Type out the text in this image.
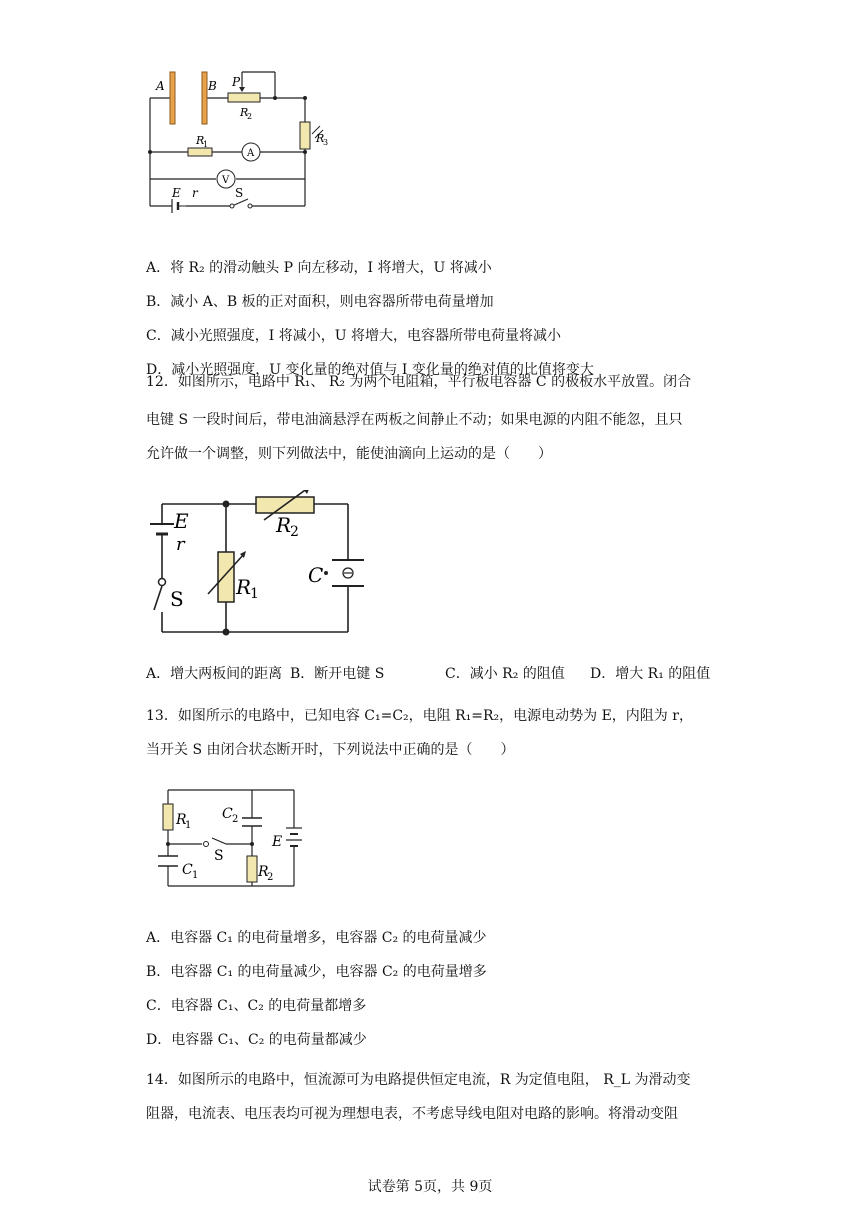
A	B P
R
2
R
1	R
3
A
V
E r	S
A．将 R₂ 的滑动触头 P 向左移动，I 将增大，U 将减小
B．减小 A、B 板的正对面积，则电容器所带电荷量增加
C．减小光照强度，I 将减小，U 将增大，电容器所带电荷量将减小
D．减小光照强度，U 变化量的绝对值与 I 变化量的绝对值的比值将变大
12．如图所示，电路中 R₁、 R₂ 为两个电阻箱，平行板电容器 C 的极板水平放置。闭合
电键 S 一段时间后，带电油滴悬浮在两板之间静止不动；如果电源的内阻不能忽，且只
允许做一个调整，则下列做法中，能使油滴向上运动的是（　　）
E
r
S	R
1
R
2
C
A．增大两板间的距离 B．断开电键 S	C．减小 R₂ 的阻值 D．增大 R₁ 的阻值
13．如图所示的电路中，已知电容 C₁=C₂，电阻 R₁=R₂，电源电动势为 E，内阻为 r，
当开关 S 由闭合状态断开时，下列说法中正确的是（　　）
R
1
C 2
S
E
C 1	R
2
A．电容器 C₁ 的电荷量增多，电容器 C₂ 的电荷量减少
B．电容器 C₁ 的电荷量减少，电容器 C₂ 的电荷量增多
C．电容器 C₁、C₂ 的电荷量都增多
D．电容器 C₁、C₂ 的电荷量都减少
14．如图所示的电路中，恒流源可为电路提供恒定电流，R 为定值电阻， R_L 为滑动变
阻器，电流表、电压表均可视为理想电表，不考虑导线电阻对电路的影响。将滑动变阻
试卷第 5页，共 9页
